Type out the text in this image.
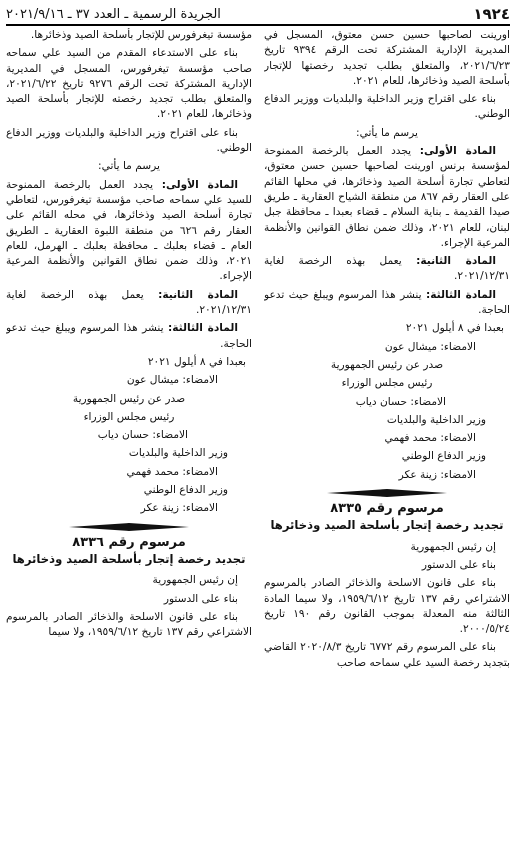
الجريدة الرسمية ـ العدد ٣٧ ـ ٢٠٢١/٩/١٦	١٩٢٤

اورينت لصاحبها حسين حسن معتوق، المسجل في المديرية الإدارية المشتركة تحت الرقم ٩٣٩٤ تاريخ ٢٠٢١/٦/٢٣، والمتعلق بطلب تجديد رخصتها للإتجار بأسلحة الصيد وذخائرها، للعام ٢٠٢١.

بناء على اقتراح وزير الداخلية والبلديات ووزير الدفاع الوطني.

يرسم ما يأتي:

المادة الأولى: يجدد العمل بالرخصة الممنوحة لمؤسسة برنس اورينت لصاحبها حسين حسن معتوق، لتعاطي تجارة أسلحة الصيد وذخائرها، في محلها القائم على العقار رقم ٨٦٧ من منطقة الشياح العقارية ـ طريق صيدا القديمة ـ بناية السلام ـ قضاء بعبدا ـ محافظة جبل لبنان، للعام ٢٠٢١، وذلك ضمن نطاق القوانين والأنظمة المرعية الإجراء.

المادة الثانية: يعمل بهذه الرخصة لغاية ٢٠٢١/١٢/٣١.

المادة الثالثة: ينشر هذا المرسوم ويبلغ حيث تدعو الحاجة.

بعبدا في ٨ أيلول ٢٠٢١

الامضاء: ميشال عون

صدر عن رئيس الجمهورية

رئيس مجلس الوزراء

الامضاء: حسان دياب

وزير الداخلية والبلديات

الامضاء: محمد فهمي

وزير الدفاع الوطني

الامضاء: زينة عكر

مرسوم رقم ٨٣٣٥

تجديد رخصة إتجار بأسلحة الصيد وذخائرها

إن رئيس الجمهورية

بناء على الدستور

بناء على قانون الاسلحة والذخائر الصادر بالمرسوم الاشتراعي رقم ١٣٧ تاريخ ١٩٥٩/٦/١٢، ولا سيما المادة الثالثة منه المعدلة بموجب القانون رقم ١٩٠ تاريخ ٢٠٠٠/٥/٢٤.

بناء على المرسوم رقم ٦٧٧٢ تاريخ ٢٠٢٠/٨/٣ القاضي بتجديد رخصة السيد علي سماحه صاحب

مؤسسة تيغرفورس للإتجار بأسلحة الصيد وذخائرها.

بناء على الاستدعاء المقدم من السيد علي سماحه صاحب مؤسسة تيغرفورس، المسجل في المديرية الإدارية المشتركة تحت الرقم ٩٢٧٦ تاريخ ٢٠٢١/٦/٢٢، والمتعلق بطلب تجديد رخصته للإتجار بأسلحة الصيد وذخائرها، للعام ٢٠٢١.

بناء على اقتراح وزير الداخلية والبلديات ووزير الدفاع الوطني.

يرسم ما يأتي:

المادة الأولى: يجدد العمل بالرخصة الممنوحة للسيد علي سماحه صاحب مؤسسة تيغرفورس، لتعاطي تجارة أسلحة الصيد وذخائرها، في محله القائم على العقار رقم ٦٢٦ من منطقة اللبوة العقارية ـ الطريق العام ـ قضاء بعلبك ـ محافظة بعلبك ـ الهرمل، للعام ٢٠٢١، وذلك ضمن نطاق القوانين والأنظمة المرعية الإجراء.

المادة الثانية: يعمل بهذه الرخصة لغاية ٢٠٢١/١٢/٣١.

المادة الثالثة: ينشر هذا المرسوم ويبلغ حيث تدعو الحاجة.

بعبدا في ٨ أيلول ٢٠٢١

الامضاء: ميشال عون

صدر عن رئيس الجمهورية

رئيس مجلس الوزراء

الامضاء: حسان دياب

وزير الداخلية والبلديات

الامضاء: محمد فهمي

وزير الدفاع الوطني

الامضاء: زينة عكر

مرسوم رقم ٨٣٣٦

تجديد رخصة إتجار بأسلحة الصيد وذخائرها

إن رئيس الجمهورية

بناء على الدستور

بناء على قانون الاسلحة والذخائر الصادر بالمرسوم الاشتراعي رقم ١٣٧ تاريخ ١٩٥٩/٦/١٢، ولا سيما
